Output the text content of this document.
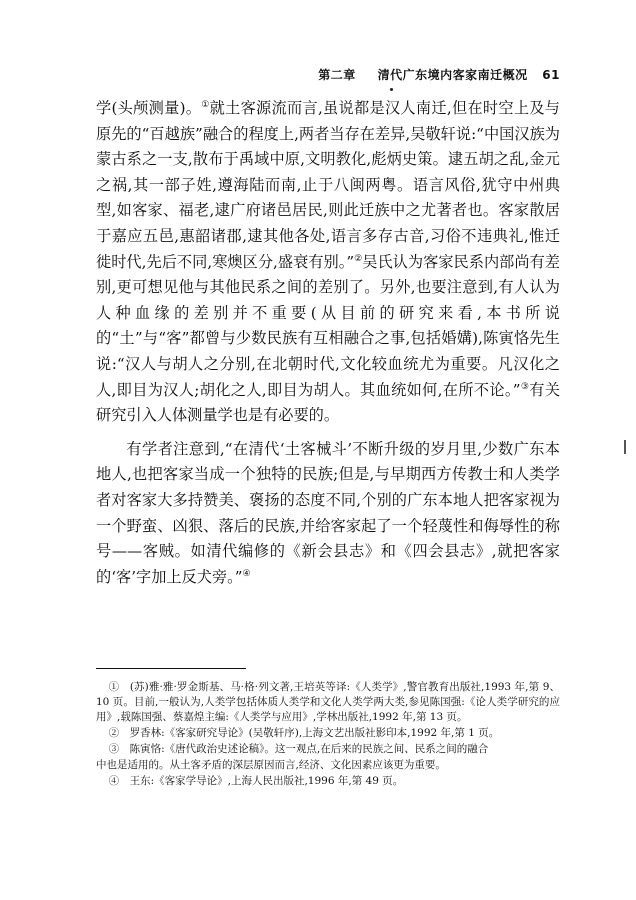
第二章 　 清代广东境内客家南迁概况 61

学(头颅测量)。①就土客源流而言,虽说都是汉人南迁,但在时空上及与原先的“百越族”融合的程度上,两者当存在差异,吴敬轩说:“中国汉族为蒙古系之一支,散布于禹域中原,文明教化,彪炳史策。逮五胡之乱,金元之祸,其一部子姓,遵海陆而南,止于八闽两粤。语言风俗,犹守中州典型,如客家、福老,逮广府诸邑居民,则此迁族中之尤著者也。客家散居于嘉应五邑,惠韶诸郡,逮其他各处,语言多存古音,习俗不违典礼,惟迁徙时代,先后不同,寒燠区分,盛衰有别。”②吴氏认为客家民系内部尚有差别,更可想见他与其他民系之间的差别了。另外,也要注意到,有人认为人种血缘的差别并不重要(从目前的研究来看,本书所说的“土”与“客”都曾与少数民族有互相融合之事,包括婚媾),陈寅恪先生说:“汉人与胡人之分别,在北朝时代,文化较血统尤为重要。凡汉化之人,即目为汉人;胡化之人,即目为胡人。其血统如何,在所不论。”③有关研究引入人体测量学也是有必要的。

有学者注意到,“在清代‘土客械斗’不断升级的岁月里,少数广东本地人,也把客家当成一个独特的民族;但是,与早期西方传教士和人类学者对客家大多持赞美、褒扬的态度不同,个别的广东本地人把客家视为一个野蛮、凶狠、落后的民族,并给客家起了一个轻蔑性和侮辱性的称号——客贼。如清代编修的《新会县志》和《四会县志》,就把客家的‘客’字加上反犬旁。”④

①　(苏)雅·雅·罗金斯基、马·格·列文著,王培英等译:《人类学》,警官教育出版社,1993 年,第 9、10 页。目前,一般认为,人类学包括体质人类学和文化人类学两大类,参见陈国强:《论人类学研究的应用》,载陈国强、蔡嘉煌主编:《人类学与应用》,学林出版社,1992 年,第 13 页。

②　罗香林:《客家研究导论》(吴敬轩序),上海文艺出版社影印本,1992 年,第 1 页。

③　陈寅恪:《唐代政治史述论稿》。这一观点,在后来的民族之间、民系之间的融合

中也是适用的。从土客矛盾的深层原因而言,经济、文化因素应该更为重要。

④　王东:《客家学导论》,上海人民出版社,1996 年,第 49 页。
